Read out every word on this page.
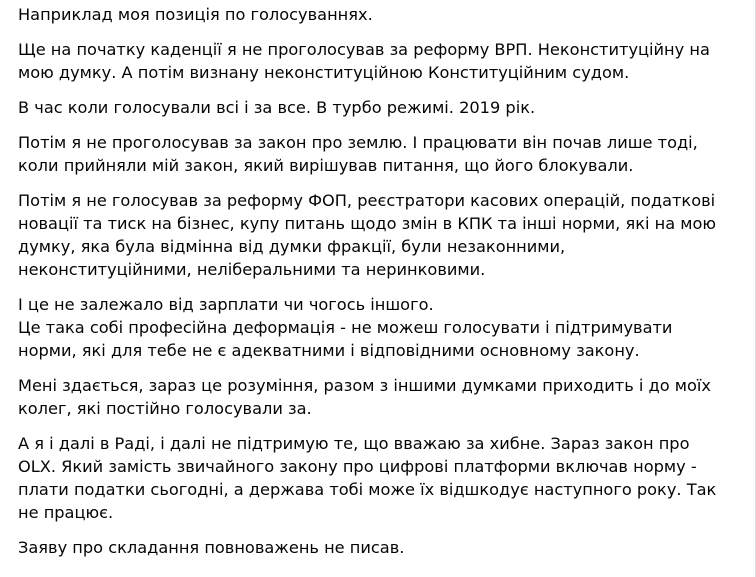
Наприклад моя позиція по голосуваннях.

Ще на початку каденції я не проголосував за реформу ВРП. Неконституційну на
мою думку. А потім визнану неконституційною Конституційним судом.

В час коли голосували всі і за все. В турбо режимі. 2019 рік.

Потім я не проголосував за закон про землю. І працювати він почав лише тоді,
коли прийняли мій закон, який вирішував питання, що його блокували.

Потім я не голосував за реформу ФОП, реєстратори касових операцій, податкові
новації та тиск на бізнес, купу питань щодо змін в КПК та інші норми, які на мою
думку, яка була відмінна від думки фракції, були незаконними,
неконституційними, неліберальними та неринковими.

І це не залежало від зарплати чи чогось іншого.
Це така собі професійна деформація - не можеш голосувати і підтримувати
норми, які для тебе не є адекватними і відповідними основному закону.

Мені здається, зараз це розуміння, разом з іншими думками приходить і до моїх
колег, які постійно голосували за.

А я і далі в Раді, і далі не підтримую те, що вважаю за хибне. Зараз закон про
OLX. Який замість звичайного закону про цифрові платформи включав норму -
плати податки сьогодні, а держава тобі може їх відшкодує наступного року. Так
не працює.

Заяву про складання повноважень не писав.
